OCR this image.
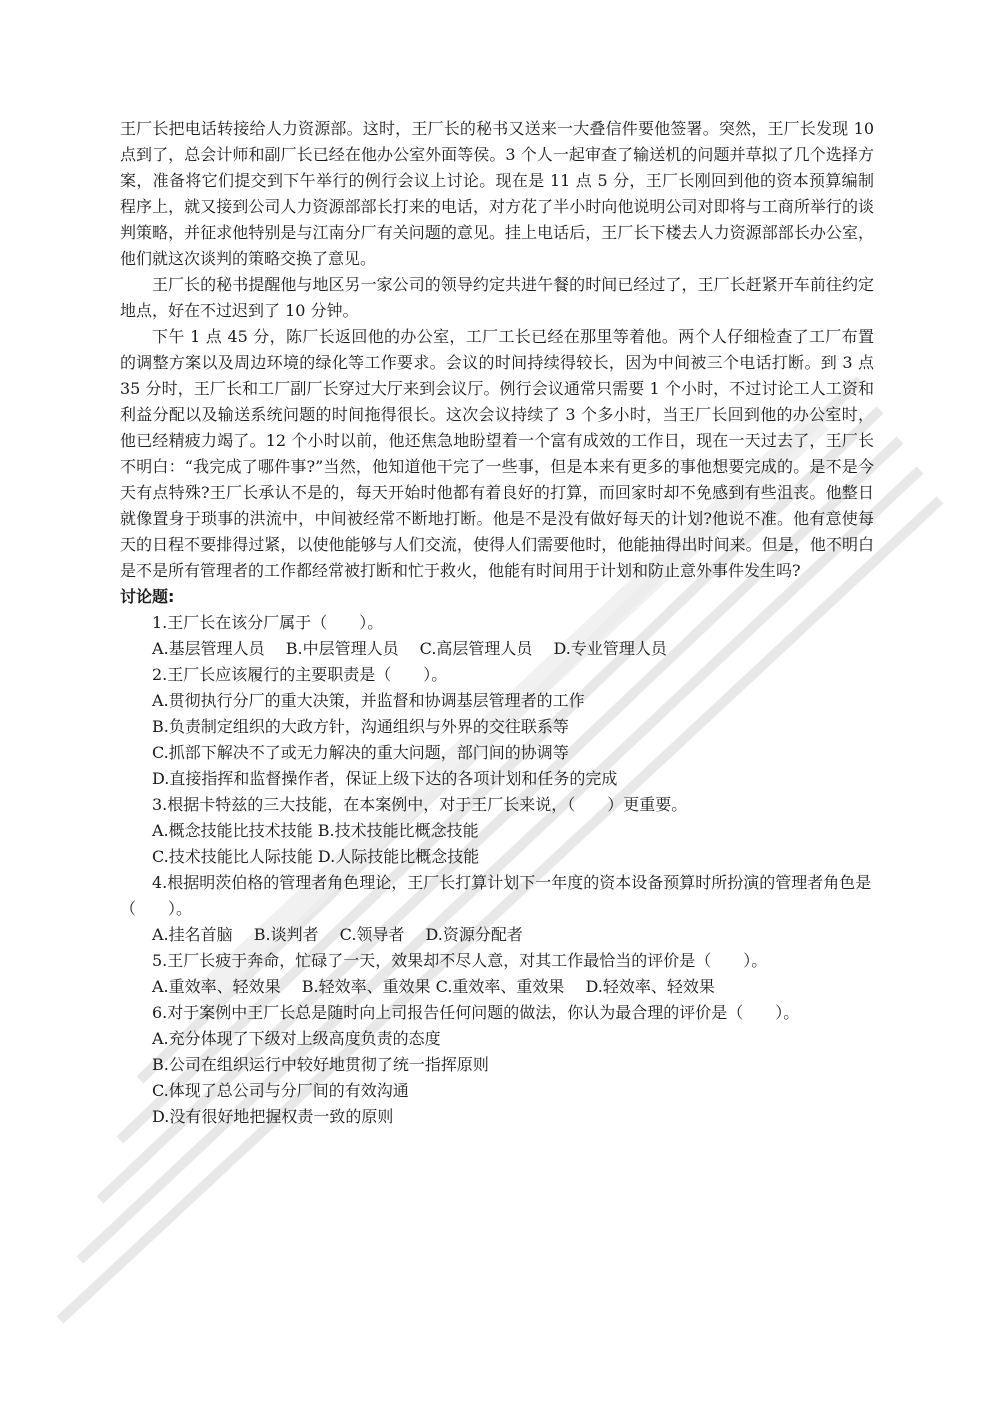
王厂长把电话转接给人力资源部。这时，王厂长的秘书又送来一大叠信件要他签署。突然，王厂长发现 10 点到了，总会计师和副厂长已经在他办公室外面等侯。3 个人一起审查了输送机的问题并草拟了几个选择方案，准备将它们提交到下午举行的例行会议上讨论。现在是 11 点 5 分，王厂长刚回到他的资本预算编制程序上，就又接到公司人力资源部部长打来的电话，对方花了半小时向他说明公司对即将与工商所举行的谈判策略，并征求他特别是与江南分厂有关问题的意见。挂上电话后，王厂长下楼去人力资源部部长办公室，他们就这次谈判的策略交换了意见。

王厂长的秘书提醒他与地区另一家公司的领导约定共进午餐的时间已经过了，王厂长赶紧开车前往约定地点，好在不过迟到了 10 分钟。

下午 1 点 45 分，陈厂长返回他的办公室，工厂工长已经在那里等着他。两个人仔细检查了工厂布置的调整方案以及周边环境的绿化等工作要求。会议的时间持续得较长，因为中间被三个电话打断。到 3 点 35 分时，王厂长和工厂副厂长穿过大厅来到会议厅。例行会议通常只需要 1 个小时，不过讨论工人工资和利益分配以及输送系统问题的时间拖得很长。这次会议持续了 3 个多小时，当王厂长回到他的办公室时，他已经精疲力竭了。12 个小时以前，他还焦急地盼望着一个富有成效的工作日，现在一天过去了，王厂长不明白：“我完成了哪件事?”当然，他知道他干完了一些事，但是本来有更多的事他想要完成的。是不是今天有点特殊?王厂长承认不是的，每天开始时他都有着良好的打算，而回家时却不免感到有些沮丧。他整日就像置身于琐事的洪流中，中间被经常不断地打断。他是不是没有做好每天的计划?他说不准。他有意使每天的日程不要排得过紧，以使他能够与人们交流，使得人们需要他时，他能抽得出时间来。但是，他不明白是不是所有管理者的工作都经常被打断和忙于救火，他能有时间用于计划和防止意外事件发生吗?

讨论题:

1.王厂长在该分厂属于（　　）。

A.基层管理人员　 B.中层管理人员　 C.高层管理人员　 D.专业管理人员

2.王厂长应该履行的主要职责是（　　）。

A.贯彻执行分厂的重大决策，并监督和协调基层管理者的工作

B.负责制定组织的大政方针，沟通组织与外界的交往联系等

C.抓部下解决不了或无力解决的重大问题，部门间的协调等

D.直接指挥和监督操作者，保证上级下达的各项计划和任务的完成

3.根据卡特兹的三大技能，在本案例中，对于王厂长来说，（　　）更重要。

A.概念技能比技术技能 B.技术技能比概念技能

C.技术技能比人际技能 D.人际技能比概念技能

4.根据明茨伯格的管理者角色理论，王厂长打算计划下一年度的资本设备预算时所扮演的管理者角色是（　　）。

A.挂名首脑　 B.谈判者　 C.领导者　 D.资源分配者

5.王厂长疲于奔命，忙碌了一天，效果却不尽人意，对其工作最恰当的评价是（　　）。

A.重效率、轻效果　 B.轻效率、重效果 C.重效率、重效果　 D.轻效率、轻效果

6.对于案例中王厂长总是随时向上司报告任何问题的做法，你认为最合理的评价是（　　）。

A.充分体现了下级对上级高度负责的态度

B.公司在组织运行中较好地贯彻了统一指挥原则

C.体现了总公司与分厂间的有效沟通

D.没有很好地把握权责一致的原则
